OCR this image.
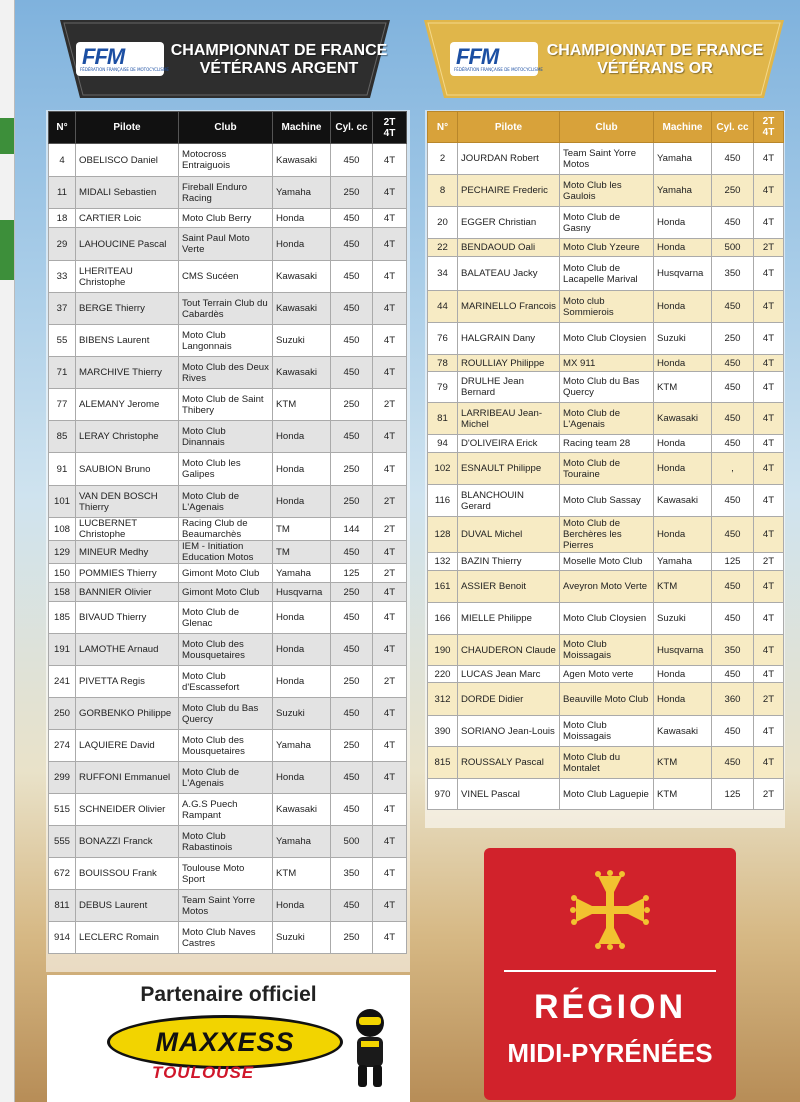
FFM
FÉDÉRATION FRANÇAISE DE MOTOCYCLISME
CHAMPIONNAT DE FRANCE
VÉTÉRANS ARGENT	FFM
FÉDÉRATION FRANÇAISE DE MOTOCYCLISME
CHAMPIONNAT DE FRANCE
VÉTÉRANS OR
N°	Pilote	Club	Machine	Cyl. cc	2T
4T

4	OBELISCO Daniel	Motocross Entraiguois	Kawasaki	450	4T
11	MIDALI Sebastien	Fireball Enduro Racing	Yamaha	250	4T
18	CARTIER Loic	Moto Club Berry	Honda	450	4T
29	LAHOUCINE Pascal	Saint Paul Moto Verte	Honda	450	4T
33	LHERITEAU Christophe	CMS Sucéen	Kawasaki	450	4T
37	BERGE Thierry	Tout Terrain Club du Cabardès	Kawasaki	450	4T
55	BIBENS Laurent	Moto Club Langonnais	Suzuki	450	4T
71	MARCHIVE Thierry	Moto Club des Deux Rives	Kawasaki	450	4T
77	ALEMANY Jerome	Moto Club de Saint Thibery	KTM	250	2T
85	LERAY Christophe	Moto Club Dinannais	Honda	450	4T
91	SAUBION Bruno	Moto Club les Galipes	Honda	250	4T
101	VAN DEN BOSCH Thierry	Moto Club de L'Agenais	Honda	250	2T
108	LUCBERNET Christophe	Racing Club de Beaumarchès	TM	144	2T
129	MINEUR Medhy	IEM - Initiation Education Motos	TM	450	4T
150	POMMIES Thierry	Gimont Moto Club	Yamaha	125	2T
158	BANNIER Olivier	Gimont Moto Club	Husqvarna	250	4T
185	BIVAUD Thierry	Moto Club de Glenac	Honda	450	4T
191	LAMOTHE Arnaud	Moto Club des Mousquetaires	Honda	450	4T
241	PIVETTA Regis	Moto Club d'Escassefort	Honda	250	2T
250	GORBENKO Philippe	Moto Club du Bas Quercy	Suzuki	450	4T
274	LAQUIERE David	Moto Club des Mousquetaires	Yamaha	250	4T
299	RUFFONI Emmanuel	Moto Club de L'Agenais	Honda	450	4T
515	SCHNEIDER Olivier	A.G.S Puech Rampant	Kawasaki	450	4T
555	BONAZZI Franck	Moto Club Rabastinois	Yamaha	500	4T
672	BOUISSOU Frank	Toulouse Moto Sport	KTM	350	4T
811	DEBUS Laurent	Team Saint Yorre Motos	Honda	450	4T
914	LECLERC Romain	Moto Club Naves Castres	Suzuki	250	4T
N°	Pilote	Club	Machine	Cyl. cc	2T
4T

2	JOURDAN Robert	Team Saint Yorre Motos	Yamaha	450	4T
8	PECHAIRE Frederic	Moto Club les Gaulois	Yamaha	250	4T
20	EGGER Christian	Moto Club de Gasny	Honda	450	4T
22	BENDAOUD Oali	Moto Club Yzeure	Honda	500	2T
34	BALATEAU Jacky	Moto Club de Lacapelle Marival	Husqvarna	350	4T
44	MARINELLO Francois	Moto club Sommierois	Honda	450	4T
76	HALGRAIN Dany	Moto Club Cloysien	Suzuki	250	4T
78	ROULLIAY Philippe	MX 911	Honda	450	4T
79	DRULHE Jean Bernard	Moto Club du Bas Quercy	KTM	450	4T
81	LARRIBEAU Jean-Michel	Moto Club de L'Agenais	Kawasaki	450	4T
94	D'OLIVEIRA Erick	Racing team 28	Honda	450	4T
102	ESNAULT Philippe	Moto Club de Touraine	Honda	,	4T
116	BLANCHOUIN Gerard	Moto Club Sassay	Kawasaki	450	4T
128	DUVAL Michel	Moto Club de Berchères les Pierres	Honda	450	4T
132	BAZIN Thierry	Moselle Moto Club	Yamaha	125	2T
161	ASSIER Benoit	Aveyron Moto Verte	KTM	450	4T
166	MIELLE Philippe	Moto Club Cloysien	Suzuki	450	4T
190	CHAUDERON Claude	Moto Club Moissagais	Husqvarna	350	4T
220	LUCAS Jean Marc	Agen Moto verte	Honda	450	4T
312	DORDE Didier	Beauville Moto Club	Honda	360	2T
390	SORIANO Jean-Louis	Moto Club Moissagais	Kawasaki	450	4T
815	ROUSSALY Pascal	Moto Club du Montalet	KTM	450	4T
970	VINEL Pascal	Moto Club Laguepie	KTM	125	2T
Partenaire officiel
MAXXESS
TOULOUSE
RÉGION
MIDI-PYRÉNÉES
